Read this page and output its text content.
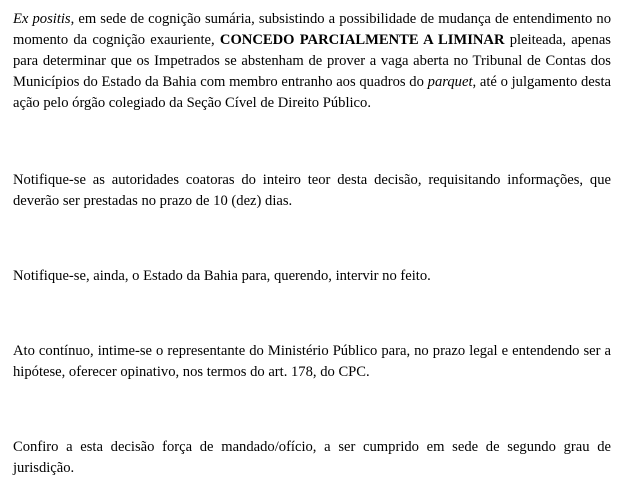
Ex positis, em sede de cognição sumária, subsistindo a possibilidade de mudança de entendimento no momento da cognição exauriente, CONCEDO PARCIALMENTE A LIMINAR pleiteada, apenas para determinar que os Impetrados se abstenham de prover a vaga aberta no Tribunal de Contas dos Municípios do Estado da Bahia com membro entranho aos quadros do parquet, até o julgamento desta ação pelo órgão colegiado da Seção Cível de Direito Público.

Notifique-se as autoridades coatoras do inteiro teor desta decisão, requisitando informações, que deverão ser prestadas no prazo de 10 (dez) dias.

Notifique-se, ainda, o Estado da Bahia para, querendo, intervir no feito.

Ato contínuo, intime-se o representante do Ministério Público para, no prazo legal e entendendo ser a hipótese, oferecer opinativo, nos termos do art. 178, do CPC.

Confiro a esta decisão força de mandado/ofício, a ser cumprido em sede de segundo grau de jurisdição.
